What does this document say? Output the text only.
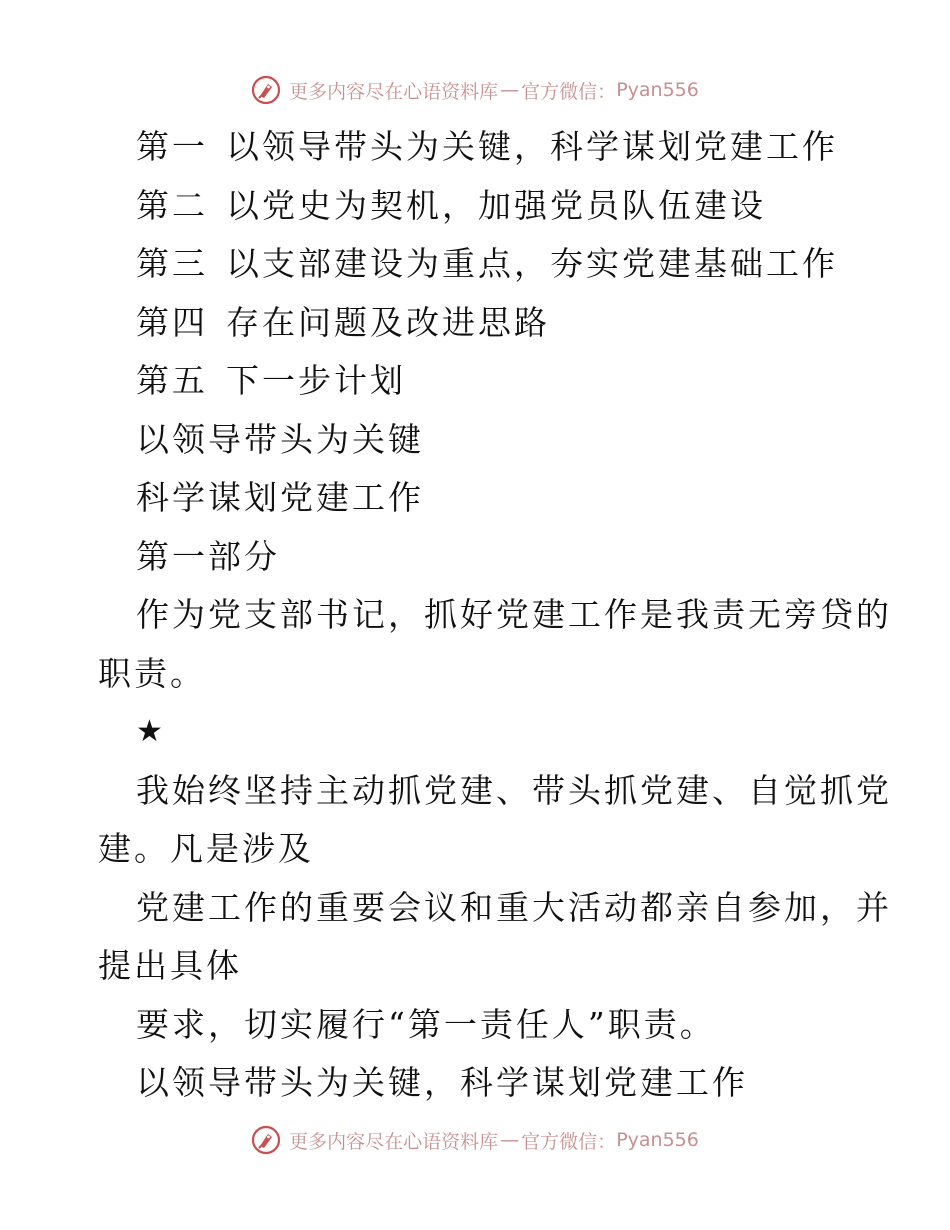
更多内容尽在心语资料库 — 官方微信： Pyan556
第一 以领导带头为关键，科学谋划党建工作
第二 以党史为契机，加强党员队伍建设
第三 以支部建设为重点，夯实党建基础工作
第四 存在问题及改进思路
第五 下一步计划
以领导带头为关键
科学谋划党建工作
第一部分
作为党支部书记，抓好党建工作是我责无旁贷的
职责。
★
我始终坚持主动抓党建、带头抓党建、自觉抓党
建。凡是涉及
党建工作的重要会议和重大活动都亲自参加，并
提出具体
要求，切实履行“第一责任人”职责。
以领导带头为关键，科学谋划党建工作
更多内容尽在心语资料库 — 官方微信： Pyan556
